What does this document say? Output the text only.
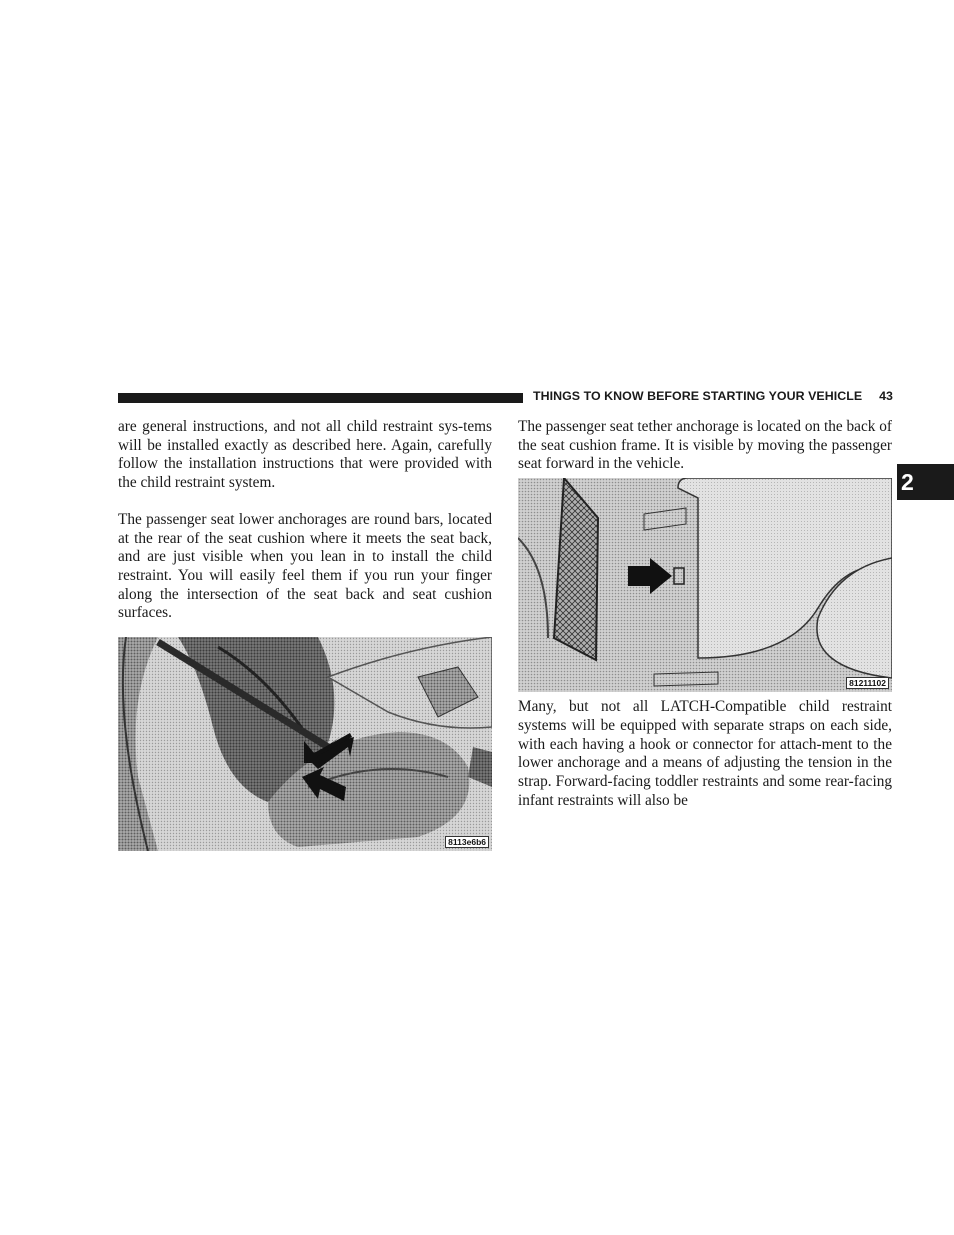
THINGS TO KNOW BEFORE STARTING YOUR VEHICLE 43
2

are general instructions, and not all child restraint sys-tems will be installed exactly as described here. Again, carefully follow the installation instructions that were provided with the child restraint system.

The passenger seat lower anchorages are round bars, located at the rear of the seat cushion where it meets the seat back, and are just visible when you lean in to install the child restraint. You will easily feel them if you run your finger along the intersection of the seat back and seat cushion surfaces.

8113e6b6

The passenger seat tether anchorage is located on the back of the seat cushion frame. It is visible by moving the passenger seat forward in the vehicle.

81211102

Many, but not all LATCH-Compatible child restraint systems will be equipped with separate straps on each side, with each having a hook or connector for attach-ment to the lower anchorage and a means of adjusting the tension in the strap. Forward-facing toddler restraints and some rear-facing infant restraints will also be
